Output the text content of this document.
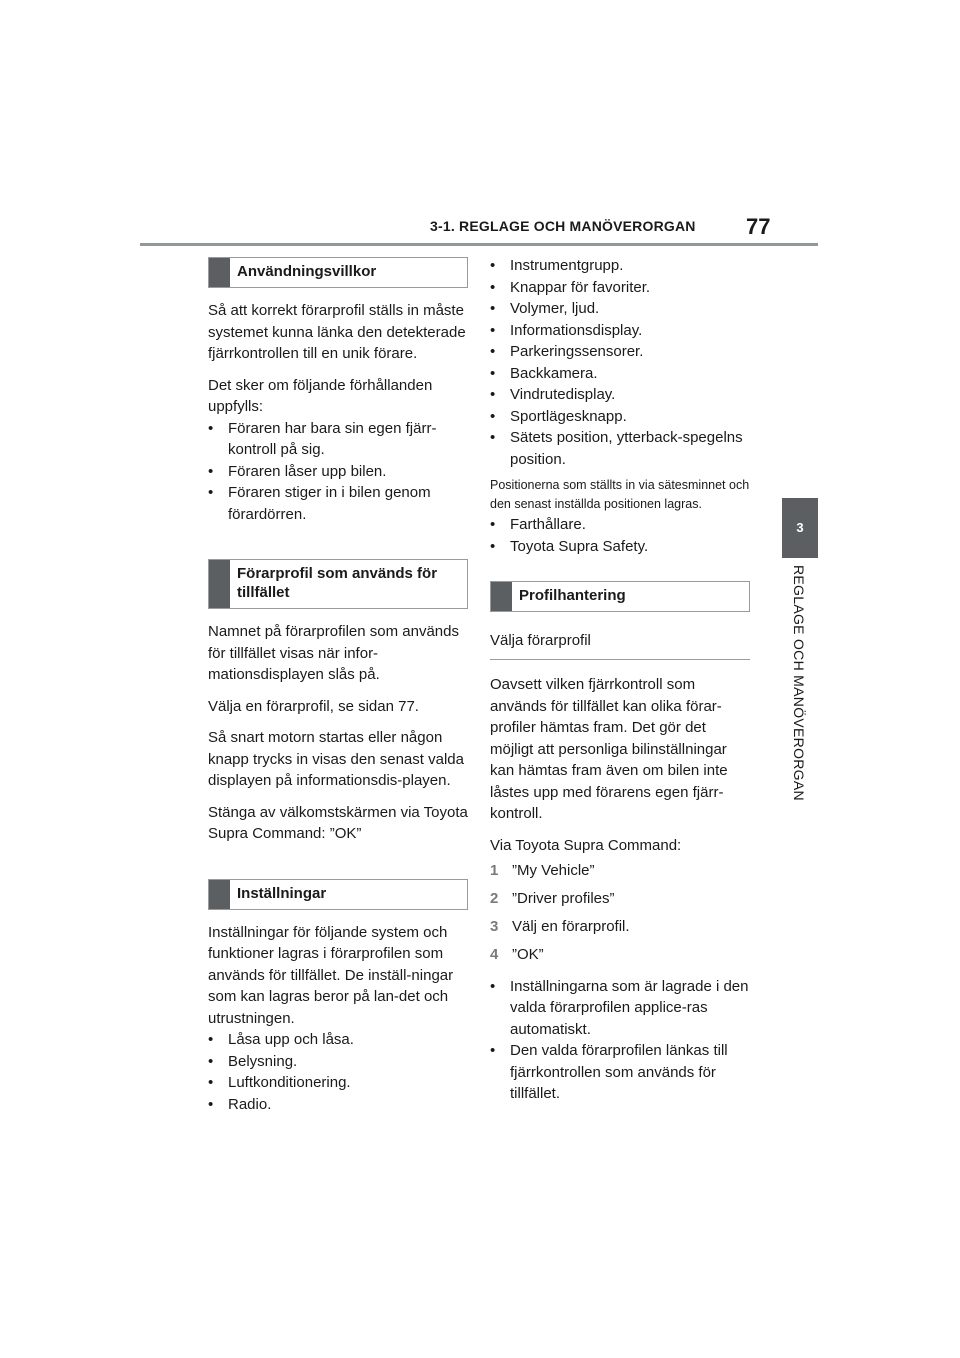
3-1. REGLAGE OCH MANÖVERORGAN 77
3
REGLAGE OCH MANÖVERORGAN
Användningsvillkor

Så att korrekt förarprofil ställs in måste systemet kunna länka den detekterade fjärrkontrollen till en unik förare.

Det sker om följande förhållanden uppfylls:

• Föraren har bara sin egen fjärr-kontroll på sig.
• Föraren låser upp bilen.
• Föraren stiger in i bilen genom förardörren.
Förarprofil som används för tillfället

Namnet på förarprofilen som används för tillfället visas när infor-mationsdisplayen slås på.

Välja en förarprofil, se sidan 77.

Så snart motorn startas eller någon knapp trycks in visas den senast valda displayen på informationsdis-playen.

Stänga av välkomstskärmen via Toyota Supra Command: ”OK”

Inställningar

Inställningar för följande system och funktioner lagras i förarprofilen som används för tillfället. De inställ-ningar som kan lagras beror på lan-det och utrustningen.

• Låsa upp och låsa.
• Belysning.
• Luftkonditionering.
• Radio.
• Instrumentgrupp.
• Knappar för favoriter.
• Volymer, ljud.
• Informationsdisplay.
• Parkeringssensorer.
• Backkamera.
• Vindrutedisplay.
• Sportlägesknapp.
• Sätets position, ytterback-spegelns position.

Positionerna som ställts in via sätesminnet och den senast inställda positionen lagras.

• Farthållare.
• Toyota Supra Safety.
Profilhantering
Välja förarprofil

Oavsett vilken fjärrkontroll som används för tillfället kan olika förar-profiler hämtas fram. Det gör det möjligt att personliga bilinställningar kan hämtas fram även om bilen inte låstes upp med förarens egen fjärr-kontroll.

Via Toyota Supra Command:

1 ”My Vehicle”
2 ”Driver profiles”
3 Välj en förarprofil.
4 ”OK”
• Inställningarna som är lagrade i den valda förarprofilen applice-ras automatiskt.
• Den valda förarprofilen länkas till fjärrkontrollen som används för tillfället.
